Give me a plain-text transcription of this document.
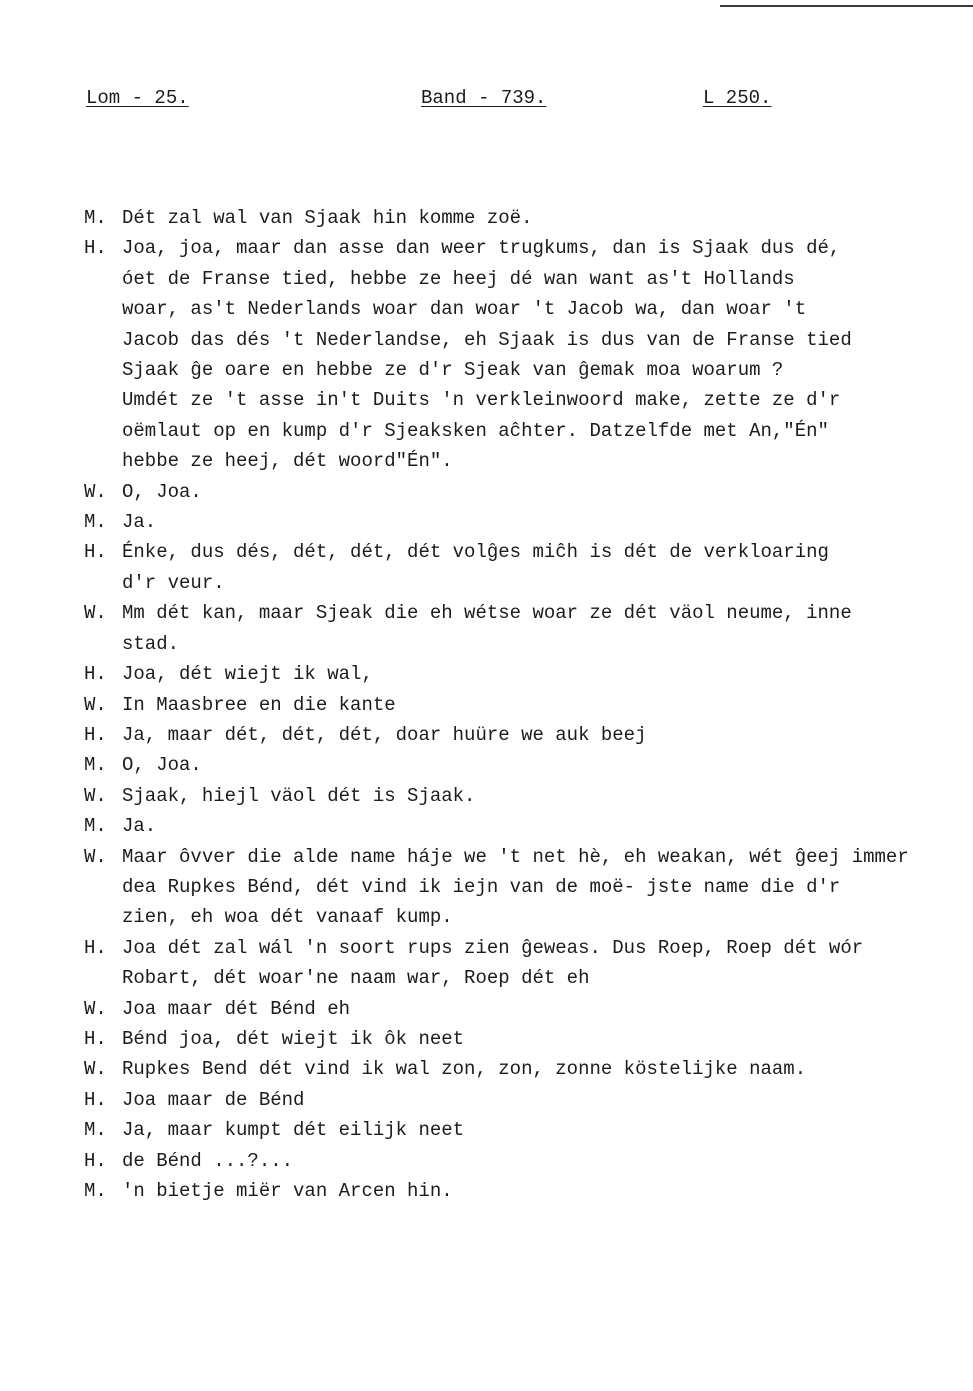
Lom - 25.	Band - 739.	L 250.
M. Dét zal wal van Sjaak hin komme zoë.
H. Joa, joa, maar dan asse dan weer trugkums, dan is Sjaak dus dé,
óet de Franse tied, hebbe ze heej dé wan want as't Hollands
woar, as't Nederlands woar dan woar 't Jacob wa, dan woar 't
Jacob das dés 't Nederlandse, eh Sjaak is dus van de Franse tied
Sjaak ĝe oare en hebbe ze d'r Sjeak van ĝemak moa woarum ?
Umdét ze 't asse in't Duits 'n verkleinwoord make, zette ze d'r
oëmlaut op en kump d'r Sjeaksken aĉhter. Datzelfde met An,"Én"
hebbe ze heej, dét woord"Én".
W. O, Joa.
M. Ja.
H. Énke, dus dés, dét, dét, dét volĝes miĉh is dét de verkloaring
d'r veur.
W. Mm dét kan, maar Sjeak die eh wétse woar ze dét väol neume, inne
stad.
H. Joa, dét wiejt ik wal,
W. In Maasbree en die kante
H. Ja, maar dét, dét, dét, doar huüre we auk beej
M. O, Joa.
W. Sjaak, hiejl väol dét is Sjaak.
M. Ja.
W. Maar ôvver die alde name háje we 't net hè, eh weakan, wét ĝeej immer
dea Rupkes Bénd, dét vind ik iejn van de moë- jste name die d'r
zien, eh woa dét vanaaf kump.
H. Joa dét zal wál 'n soort rups zien ĝeweas. Dus Roep, Roep dét wór
Robart, dét woar'ne naam war, Roep dét eh
W. Joa maar dét Bénd eh
H. Bénd joa, dét wiejt ik ôk neet
W. Rupkes Bend dét vind ik wal zon, zon, zonne köstelijke naam.
H. Joa maar de Bénd
M. Ja, maar kumpt dét eilijk neet
H. de Bénd ...?...
M. 'n bietje miër van Arcen hin.
